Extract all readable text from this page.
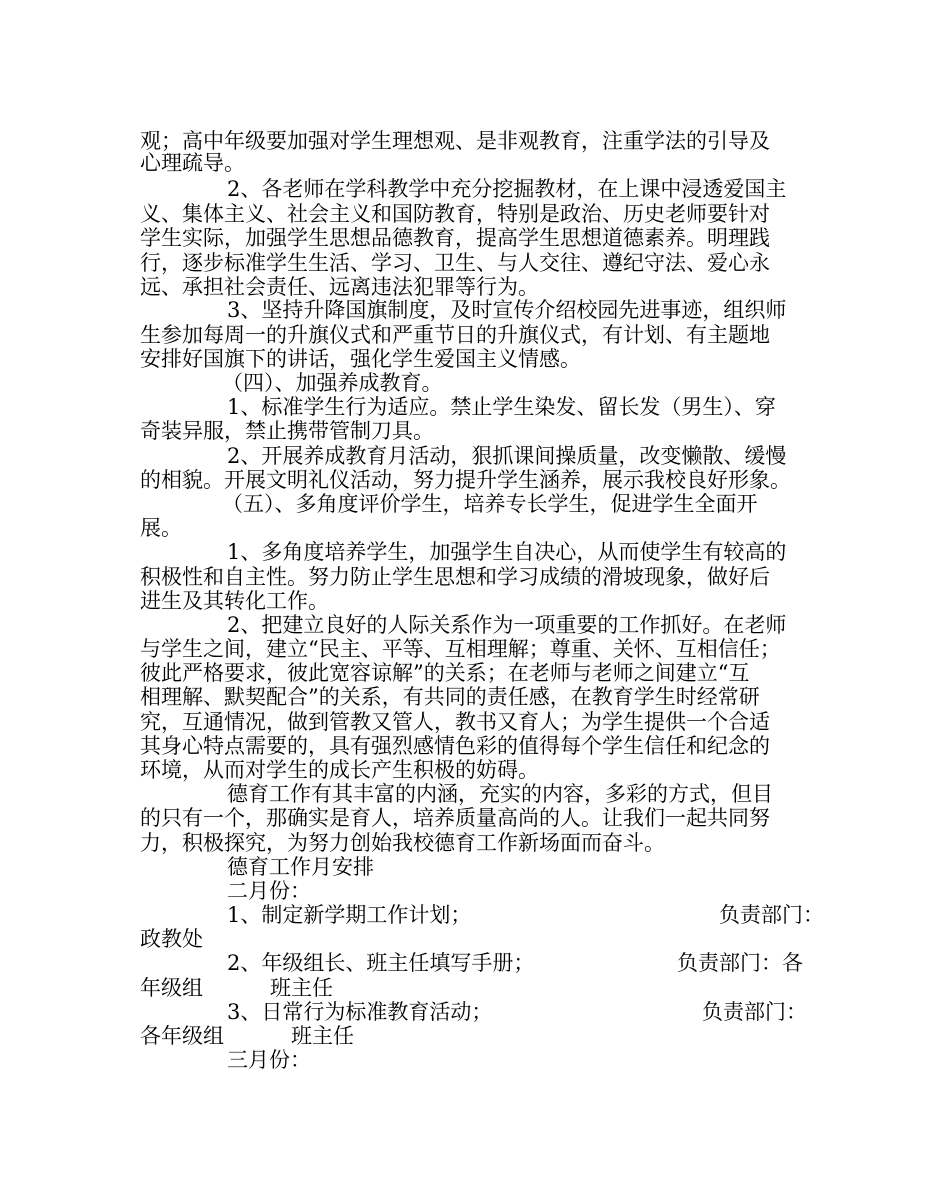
观；高中年级要加强对学生理想观、是非观教育，注重学法的引导及
心理疏导。
2、各老师在学科教学中充分挖掘教材，在上课中浸透爱国主
义、集体主义、社会主义和国防教育，特别是政治、历史老师要针对
学生实际，加强学生思想品德教育，提高学生思想道德素养。明理践
行，逐步标准学生生活、学习、卫生、与人交往、遵纪守法、爱心永
远、承担社会责任、远离违法犯罪等行为。
3、坚持升降国旗制度，及时宣传介绍校园先进事迹，组织师
生参加每周一的升旗仪式和严重节日的升旗仪式，有计划、有主题地
安排好国旗下的讲话，强化学生爱国主义情感。
（四）、加强养成教育。
1、标准学生行为适应。禁止学生染发、留长发（男生）、穿
奇装异服，禁止携带管制刀具。
2、开展养成教育月活动，狠抓课间操质量，改变懒散、缓慢
的相貌。开展文明礼仪活动，努力提升学生涵养，展示我校良好形象。
（五）、多角度评价学生，培养专长学生，促进学生全面开
展。
1、多角度培养学生，加强学生自决心，从而使学生有较高的
积极性和自主性。努力防止学生思想和学习成绩的滑坡现象，做好后
进生及其转化工作。
2、把建立良好的人际关系作为一项重要的工作抓好。在老师
与学生之间，建立“民主、平等、互相理解；尊重、关怀、互相信任；
彼此严格要求，彼此宽容谅解”的关系；在老师与老师之间建立“互
相理解、默契配合”的关系，有共同的责任感，在教育学生时经常研
究，互通情况，做到管教又管人，教书又育人；为学生提供一个合适
其身心特点需要的，具有强烈感情色彩的值得每个学生信任和纪念的
环境，从而对学生的成长产生积极的妨碍。
德育工作有其丰富的内涵，充实的内容，多彩的方式，但目
的只有一个，那确实是育人，培养质量高尚的人。让我们一起共同努
力，积极探究，为努力创始我校德育工作新场面而奋斗。
德育工作月安排
二月份：
1、制定新学期工作计划；	负责部门：
政教处
2、年级组长、班主任填写手册；	负责部门：各
年级组	班主任
3、日常行为标准教育活动；	负责部门：
各年级组	班主任
三月份：
